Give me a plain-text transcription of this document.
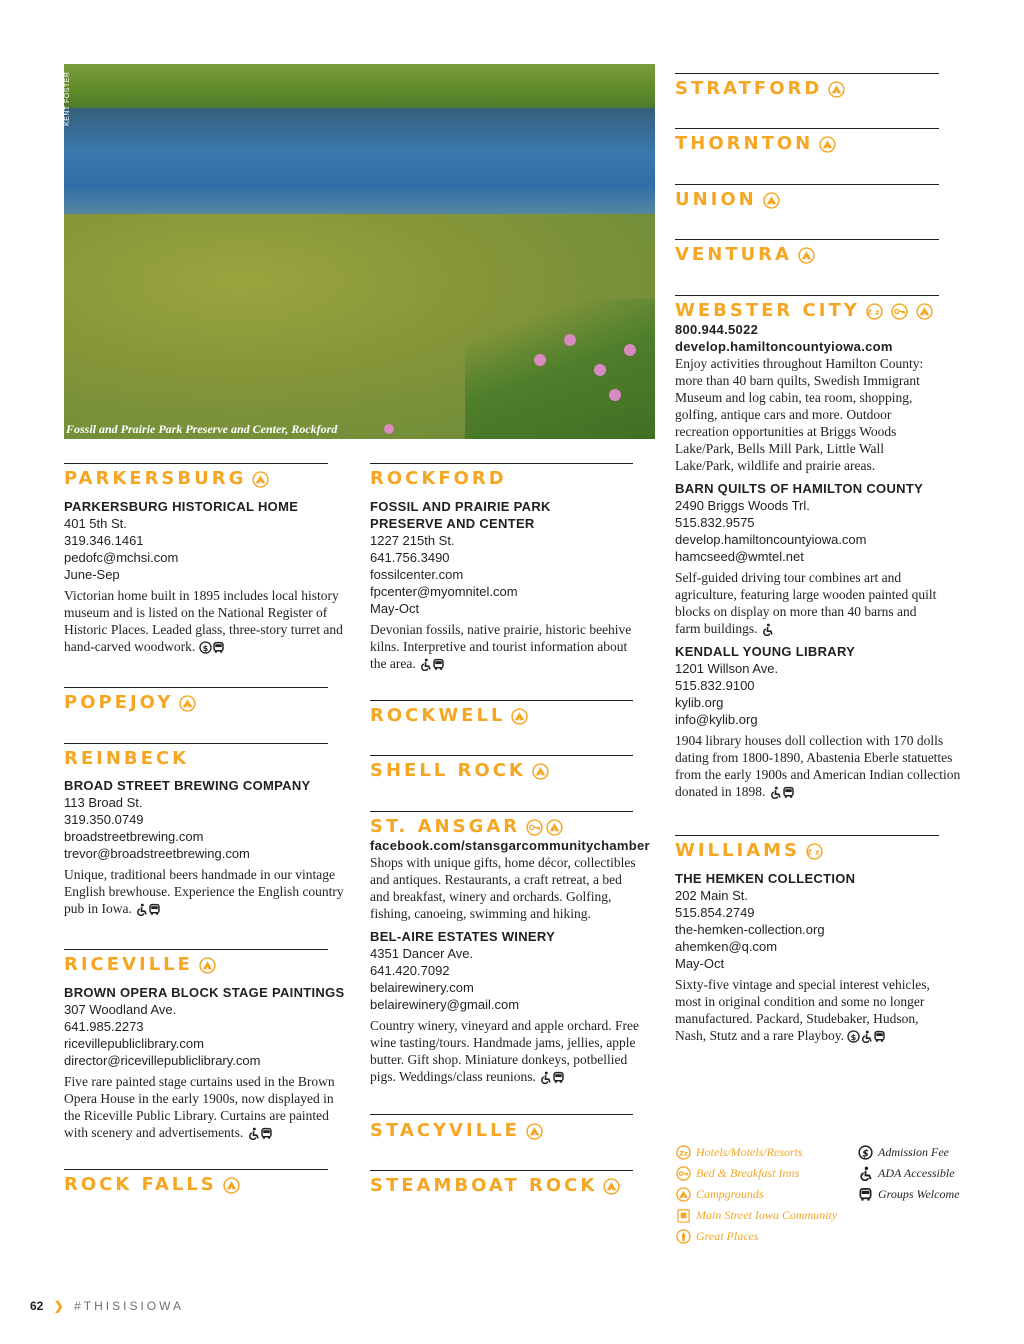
KENT FOSTER
Fossil and Prairie Park Preserve and Center, Rockford
PARKERSBURG
PARKERSBURG HISTORICAL HOME
401 5th St.
319.346.1461
pedofc@mchsi.com
June-Sep
Victorian home built in 1895 includes local history museum and is listed on the National Register of Historic Places. Leaded glass, three-story turret and hand-carved woodwork.
POPEJOY
REINBECK
BROAD STREET BREWING COMPANY
113 Broad St.
319.350.0749
broadstreetbrewing.com
trevor@broadstreetbrewing.com
Unique, traditional beers handmade in our vintage English brewhouse. Experience the English country pub in Iowa.
RICEVILLE
BROWN OPERA BLOCK STAGE PAINTINGS
307 Woodland Ave.
641.985.2273
ricevillepubliclibrary.com
director@ricevillepubliclibrary.com
Five rare painted stage curtains used in the Brown Opera House in the early 1900s, now displayed in the Riceville Public Library. Curtains are painted with scenery and advertisements.
ROCK FALLS
ROCKFORD
FOSSIL AND PRAIRIE PARK
PRESERVE AND CENTER
1227 215th St.
641.756.3490
fossilcenter.com
fpcenter@myomnitel.com
May-Oct
Devonian fossils, native prairie, historic beehive kilns. Interpretive and tourist information about the area.
ROCKWELL
SHELL ROCK
ST. ANSGAR
facebook.com/stansgarcommunitychamber
Shops with unique gifts, home décor, collectibles and antiques. Restaurants, a craft retreat, a bed and breakfast, winery and orchards. Golfing, fishing, canoeing, swimming and hiking.
BEL-AIRE ESTATES WINERY
4351 Dancer Ave.
641.420.7092
belairewinery.com
belairewinery@gmail.com
Country winery, vineyard and apple orchard. Free wine tasting/tours. Handmade jams, jellies, apple butter. Gift shop. Miniature donkeys, potbellied pigs. Weddings/class reunions.
STACYVILLE
STEAMBOAT ROCK
STRATFORD
THORNTON
UNION
VENTURA
WEBSTER CITY
800.944.5022
develop.hamiltoncountyiowa.com
Enjoy activities throughout Hamilton County: more than 40 barn quilts, Swedish Immigrant Museum and log cabin, tea room, shopping, golfing, antique cars and more. Outdoor recreation opportunities at Briggs Woods Lake/Park, Bells Mill Park, Little Wall Lake/Park, wildlife and prairie areas.
BARN QUILTS OF HAMILTON COUNTY
2490 Briggs Woods Trl.
515.832.9575
develop.hamiltoncountyiowa.com
hamcseed@wmtel.net
Self-guided driving tour combines art and agriculture, featuring large wooden painted quilt blocks on display on more than 40 barns and farm buildings.
KENDALL YOUNG LIBRARY
1201 Willson Ave.
515.832.9100
kylib.org
info@kylib.org
1904 library houses doll collection with 170 dolls dating from 1800-1890, Abastenia Eberle statuettes from the early 1900s and American Indian collection donated in 1898.
WILLIAMS
THE HEMKEN COLLECTION
202 Main St.
515.854.2749
the-hemken-collection.org
ahemken@q.com
May-Oct
Sixty-five vintage and special interest vehicles, most in original condition and some no longer manufactured. Packard, Studebaker, Hudson, Nash, Stutz and a rare Playboy.
Hotels/Motels/Resorts
Bed & Breakfast Inns
Campgrounds
Main Street Iowa Community
Great Places
Admission Fee
ADA Accessible
Groups Welcome
62 ❯ #THISISIOWA
